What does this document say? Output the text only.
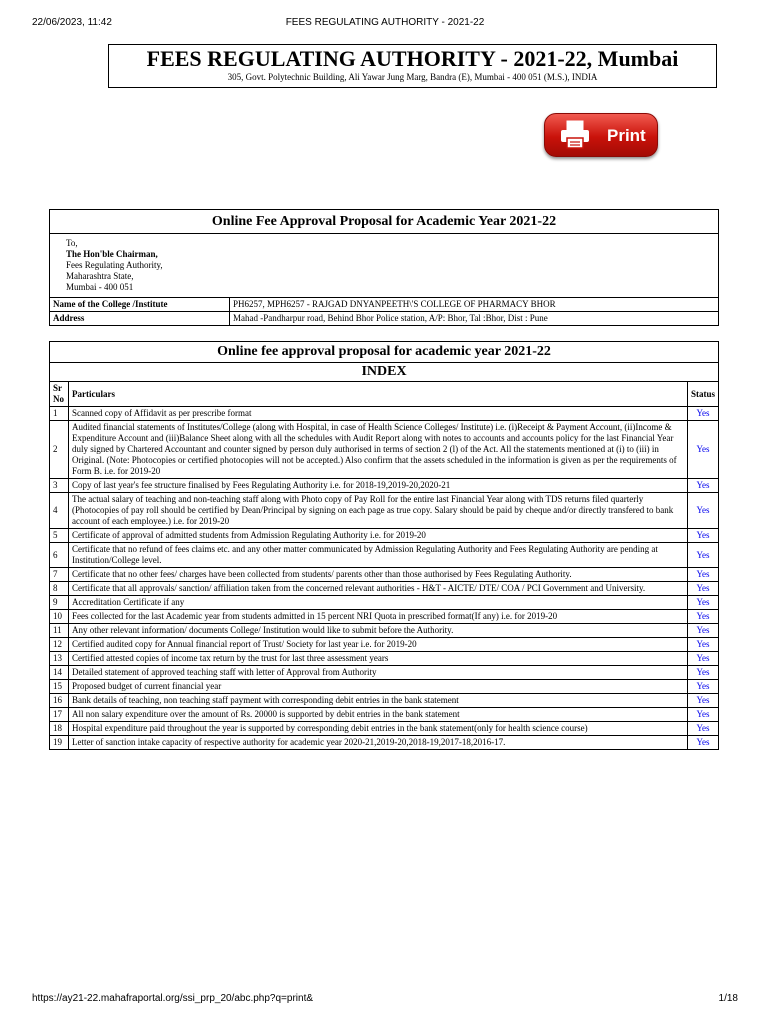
22/06/2023, 11:42	FEES REGULATING AUTHORITY - 2021-22
FEES REGULATING AUTHORITY - 2021-22, Mumbai
305, Govt. Polytechnic Building, Ali Yawar Jung Marg, Bandra (E), Mumbai - 400 051 (M.S.), INDIA
Print
Online Fee Approval Proposal for Academic Year 2021-22
To,
The Hon'ble Chairman,
Fees Regulating Authority,
Maharashtra State,
Mumbai - 400 051
Name of the College /Institute	PH6257, MPH6257 - RAJGAD DNYANPEETH\'S COLLEGE OF PHARMACY BHOR
Address	Mahad -Pandharpur road, Behind Bhor Police station, A/P: Bhor, Tal :Bhor, Dist : Pune
Online fee approval proposal for academic year 2021-22
INDEX
Sr No	Particulars	Status
1	Scanned copy of Affidavit as per prescribe format	Yes
2	Audited financial statements of Institutes/College (along with Hospital, in case of Health Science Colleges/ Institute) i.e. (i)Receipt & Payment Account, (ii)Income & Expenditure Account and (iii)Balance Sheet along with all the schedules with Audit Report along with notes to accounts and accounts policy for the last Financial Year duly signed by Chartered Accountant and counter signed by person duly authorised in terms of section 2 (l) of the Act. All the statements mentioned at (i) to (iii) in Original. (Note: Photocopies or certified photocopies will not be accepted.) Also confirm that the assets scheduled in the information is given as per the requirements of Form B. i.e. for 2019-20	Yes
3	Copy of last year's fee structure finalised by Fees Regulating Authority i.e. for 2018-19,2019-20,2020-21	Yes
4	The actual salary of teaching and non-teaching staff along with Photo copy of Pay Roll for the entire last Financial Year along with TDS returns filed quarterly (Photocopies of pay roll should be certified by Dean/Principal by signing on each page as true copy. Salary should be paid by cheque and/or directly transfered to bank account of each employee.) i.e. for 2019-20	Yes
5	Certificate of approval of admitted students from Admission Regulating Authority i.e. for 2019-20	Yes
6	Certificate that no refund of fees claims etc. and any other matter communicated by Admission Regulating Authority and Fees Regulating Authority are pending at Institution/College level.	Yes
7	Certificate that no other fees/ charges have been collected from students/ parents other than those authorised by Fees Regulating Authority.	Yes
8	Certificate that all approvals/ sanction/ affiliation taken from the concerned relevant authorities - H&T - AICTE/ DTE/ COA / PCI Government and University.	Yes
9	Accreditation Certificate if any	Yes
10	Fees collected for the last Academic year from students admitted in 15 percent NRI Quota in prescribed format(If any) i.e. for 2019-20	Yes
11	Any other relevant information/ documents College/ Institution would like to submit before the Authority.	Yes
12	Certified audited copy for Annual financial report of Trust/ Society for last year i.e. for 2019-20	Yes
13	Certified attested copies of income tax return by the trust for last three assessment years	Yes
14	Detailed statement of approved teaching staff with letter of Approval from Authority	Yes
15	Proposed budget of current financial year	Yes
16	Bank details of teaching, non teaching staff payment with corresponding debit entries in the bank statement	Yes
17	All non salary expenditure over the amount of Rs. 20000 is supported by debit entries in the bank statement	Yes
18	Hospital expenditure paid throughout the year is supported by corresponding debit entries in the bank statement(only for health science course)	Yes
19	Letter of sanction intake capacity of respective authority for academic year 2020-21,2019-20,2018-19,2017-18,2016-17.	Yes
https://ay21-22.mahafraportal.org/ssi_prp_20/abc.php?q=print&	1/18
